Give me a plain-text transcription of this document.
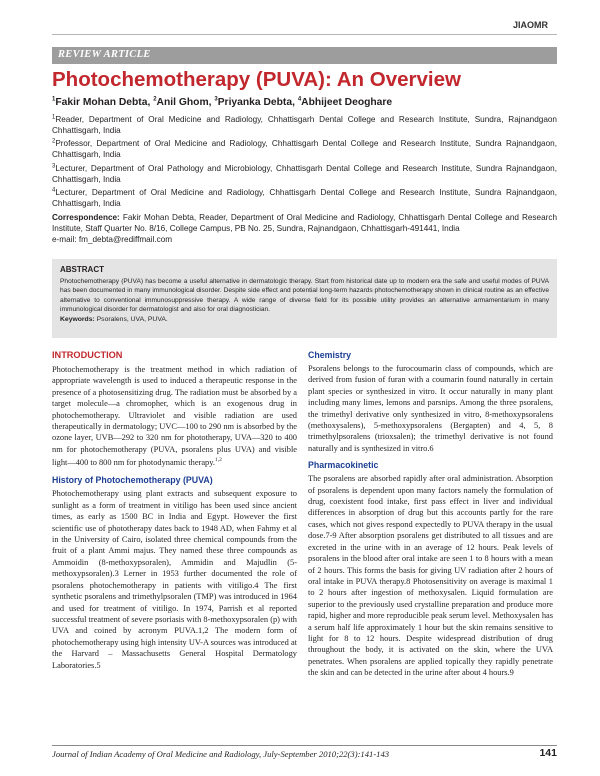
JIAOMR
REVIEW ARTICLE
Photochemotherapy (PUVA): An Overview
$^1$Fakir Mohan Debta, $^2$Anil Ghom, $^3$Priyanka Debta, $^4$Abhijeet Deoghare
$^1$Reader, Department of Oral Medicine and Radiology, Chhattisgarh Dental College and Research Institute, Sundra, Rajnandgaon Chhattisgarh, India
$^2$Professor, Department of Oral Medicine and Radiology, Chhattisgarh Dental College and Research Institute, Sundra Rajnandgaon, Chhattisgarh, India
$^3$Lecturer, Department of Oral Pathology and Microbiology, Chhattisgarh Dental College and Research Institute, Sundra Rajnandgaon, Chhattisgarh, India
$^4$Lecturer, Department of Oral Medicine and Radiology, Chhattisgarh Dental College and Research Institute, Sundra Rajnandgaon, Chhattisgarh, India
Correspondence: Fakir Mohan Debta, Reader, Department of Oral Medicine and Radiology, Chhattisgarh Dental College and Research Institute, Staff Quarter No. 8/16, College Campus, PB No. 25, Sundra, Rajnandgaon, Chhattisgarh-491441, India
e-mail: fm_debta@rediffmail.com
ABSTRACT

Photochemotherapy (PUVA) has become a useful alternative in dermatologic therapy. Start from historical date up to modern era the safe and useful modes of PUVA has been documented in many immunological disorder. Despite side effect and potential long-term hazards photochemotherapy shown in clinical routine as an effective alternative to conventional immunosuppressive therapy. A wide range of diverse field for its possible utility provides an alternative armamentarium in many immunological disorder for dermatologist and also for oral diagnostician.

Keywords: Psoralens, UVA, PUVA.

INTRODUCTION

Photochemotherapy is the treatment method in which radiation of appropriate wavelength is used to induced a therapeutic response in the presence of a photosensitizing drug. The radiation must be absorbed by a target molecule—a chromopher, which is an exogenous drug in photochemotherapy. Ultraviolet and visible radiation are used therapeutically in dermatology; UVC—100 to 290 nm is absorbed by the ozone layer, UVB—292 to 320 nm for phototherapy, UVA—320 to 400 nm for photochemotherapy (PUVA, psoralens plus UVA) and visible light—400 to 800 nm for photodynamic therapy.$^{1,2}$

History of Photochemotherapy (PUVA)

Photochemotherapy using plant extracts and subsequent exposure to sunlight as a form of treatment in vitiligo has been used since ancient times, as early as 1500 BC in India and Egypt. However the first scientific use of phototherapy dates back to 1948 AD, when Fahmy et al in the University of Cairo, isolated three chemical compounds from the fruit of a plant Ammi majus. They named these three compounds as Ammoidin (8-methoxypsoralen), Ammidin and Majudlin (5-methoxypsoralen).3 Lerner in 1953 further documented the role of psoralens photochemotherapy in patients with vitiligo.4 The first synthetic psoralens and trimethylpsoralen (TMP) was introduced in 1964 and used for treatment of vitiligo. In 1974, Parrish et al reported successful treatment of severe psoriasis with 8-methoxypsoralen (p) with UVA and coined by acronym PUVA.1,2 The modern form of photochemotherapy using high intensity UV-A sources was introduced at the Harvard – Massachusetts General Hospital Dermatology Laboratories.5

Chemistry

Psoralens belongs to the furocoumarin class of compounds, which are derived from fusion of furan with a coumarin found naturally in certain plant species or synthesized in vitro. It occur naturally in many plant including many limes, lemons and parsnips. Among the three psoralens, the trimethyl derivative only synthesized in vitro, 8-methoxypsoralens (methoxysalens), 5-methoxypsoralens (Bergapten) and 4, 5, 8 trimethylpsoralens (trioxsalen); the trimethyl derivative is not found naturally and is synthesized in vitro.6

Pharmacokinetic

The psoralens are absorbed rapidly after oral administration. Absorption of psoralens is dependent upon many factors namely the formulation of drug, coexistent food intake, first pass effect in liver and individual differences in absorption of drug but this accounts partly for the rare cases, which not gives respond expectedly to PUVA therapy in the usual dose.7-9 After absorption psoralens get distributed to all tissues and are excreted in the urine with in an average of 12 hours. Peak levels of psoralens in the blood after oral intake are seen 1 to 8 hours with a mean of 2 hours. This forms the basis for giving UV radiation after 2 hours of oral intake in PUVA therapy.8 Photosensitivity on average is maximal 1 to 2 hours after ingestion of methoxysalen. Liquid formulation are superior to the previously used crystalline preparation and produce more rapid, higher and more reproducible peak serum level. Methoxysalen has a serum half life approximately 1 hour but the skin remains sensitive to light for 8 to 12 hours. Despite widespread distribution of drug throughout the body, it is activated on the skin, where the UVA penetrates. When psoralens are applied topically they rapidly penetrate the skin and can be detected in the urine after about 4 hours.9

Journal of Indian Academy of Oral Medicine and Radiology, July-September 2010;22(3):141-143	141
